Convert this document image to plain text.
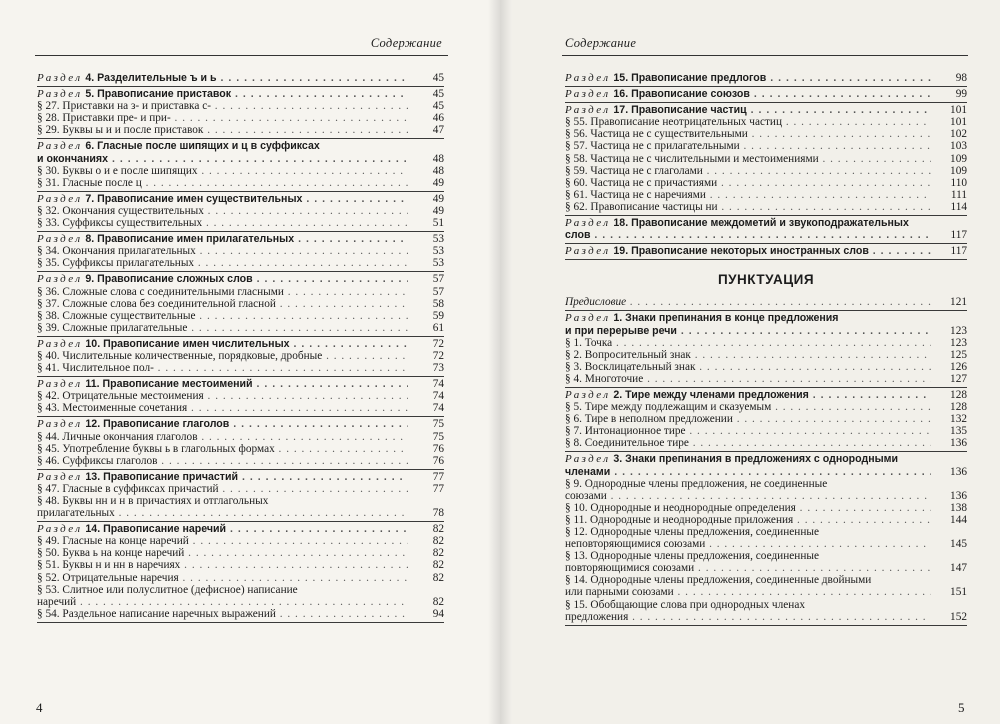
Содержание
Раздел 4. Разделительные ъ и ь . . .	45
Раздел 5. Правописание приставок . . .	45
§ 27. Приставки на з- и приставка с- . . .	45
§ 28. Приставки пре- и при- . . .	46
§ 29. Буквы ы и и после приставок . . .	47
Раздел 6. Гласные после шипящих и ц в суффиксах
и окончаниях . . .	48
§ 30. Буквы о и е после шипящих . . .	48
§ 31. Гласные после ц . . .	49
Раздел 7. Правописание имен существительных . . .	49
§ 32. Окончания существительных . . .	49
§ 33. Суффиксы существительных . . .	51
Раздел 8. Правописание имен прилагательных . . .	53
§ 34. Окончания прилагательных . . .	53
§ 35. Суффиксы прилагательных . . .	53
Раздел 9. Правописание сложных слов . . .	57
§ 36. Сложные слова с соединительными гласными . . .	57
§ 37. Сложные слова без соединительной гласной . . .	58
§ 38. Сложные существительные . . .	59
§ 39. Сложные прилагательные . . .	61
Раздел 10. Правописание имен числительных . . .	72
§ 40. Числительные количественные, порядковые, дробные . . .	72
§ 41. Числительное пол- . . .	73
Раздел 11. Правописание местоимений . . .	74
§ 42. Отрицательные местоимения . . .	74
§ 43. Местоименные сочетания . . .	74
Раздел 12. Правописание глаголов . . .	75
§ 44. Личные окончания глаголов . . .	75
§ 45. Употребление буквы ь в глагольных формах . . .	76
§ 46. Суффиксы глаголов . . .	76
Раздел 13. Правописание причастий . . .	77
§ 47. Гласные в суффиксах причастий . . .	77
§ 48. Буквы нн и н в причастиях и отглагольных
прилагательных . . .	78
Раздел 14. Правописание наречий . . .	82
§ 49. Гласные на конце наречий . . .	82
§ 50. Буква ь на конце наречий . . .	82
§ 51. Буквы н и нн в наречиях . . .	82
§ 52. Отрицательные наречия . . .	82
§ 53. Слитное или полуслитное (дефисное) написание
наречий . . .	82
§ 54. Раздельное написание наречных выражений . . .	94
4
Содержание
Раздел 15. Правописание предлогов . . .	98
Раздел 16. Правописание союзов . . .	99
Раздел 17. Правописание частиц . . .	101
§ 55. Правописание неотрицательных частиц . . .	101
§ 56. Частица не с существительными . . .	102
§ 57. Частица не с прилагательными . . .	103
§ 58. Частица не с числительными и местоимениями . . .	109
§ 59. Частица не с глаголами . . .	109
§ 60. Частица не с причастиями . . .	110
§ 61. Частица не с наречиями . . .	111
§ 62. Правописание частицы ни . . .	114
Раздел 18. Правописание междометий и звукоподражательных
слов . . .	117
Раздел 19. Правописание некоторых иностранных слов . . .	117
ПУНКТУАЦИЯ
Предисловие . . .	121
Раздел 1. Знаки препинания в конце предложения
и при перерыве речи . . .	123
§ 1. Точка . . .	123
§ 2. Вопросительный знак . . .	125
§ 3. Восклицательный знак . . .	126
§ 4. Многоточие . . .	127
Раздел 2. Тире между членами предложения . . .	128
§ 5. Тире между подлежащим и сказуемым . . .	128
§ 6. Тире в неполном предложении . . .	132
§ 7. Интонационное тире . . .	135
§ 8. Соединительное тире . . .	136
Раздел 3. Знаки препинания в предложениях с однородными
членами . . .	136
§ 9. Однородные члены предложения, не соединенные
союзами . . .	136
§ 10. Однородные и неоднородные определения . . .	138
§ 11. Однородные и неоднородные приложения . . .	144
§ 12. Однородные члены предложения, соединенные
неповторяющимися союзами . . .	145
§ 13. Однородные члены предложения, соединенные
повторяющимися союзами . . .	147
§ 14. Однородные члены предложения, соединенные двойными
или парными союзами . . .	151
§ 15. Обобщающие слова при однородных членах
предложения . . .	152
5
